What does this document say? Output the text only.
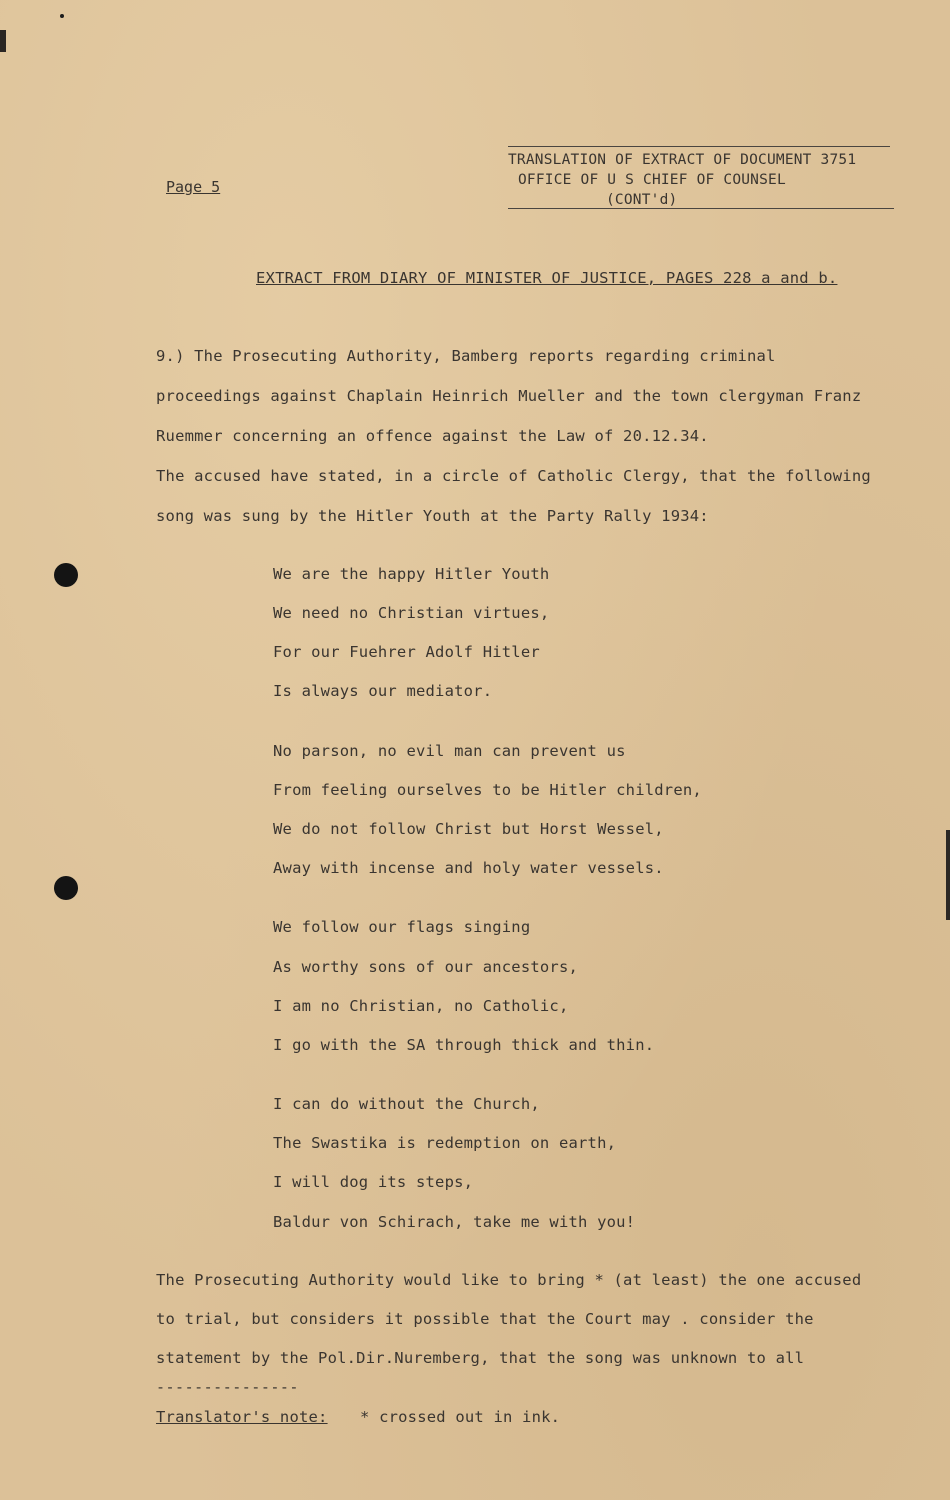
Page 5
TRANSLATION OF EXTRACT OF DOCUMENT 3751
OFFICE OF U S CHIEF OF COUNSEL
(CONT'd)
EXTRACT FROM DIARY OF MINISTER OF JUSTICE, PAGES 228 a and b.
9.) The Prosecuting Authority, Bamberg reports regarding criminal
proceedings against Chaplain Heinrich Mueller and the town clergyman Franz
Ruemmer concerning an offence against the Law of 20.12.34.
The accused have stated, in a circle of Catholic Clergy, that the following
song was sung by the Hitler Youth at the Party Rally 1934:
We are the happy Hitler Youth
We need no Christian virtues,
For our Fuehrer Adolf Hitler
Is always our mediator.
No parson, no evil man can prevent us
From feeling ourselves to be Hitler children,
We do not follow Christ but Horst Wessel,
Away with incense and holy water vessels.
We follow our flags singing
As worthy sons of our ancestors,
I am no Christian, no Catholic,
I go with the SA through thick and thin.
I can do without the Church,
The Swastika is redemption on earth,
I will dog its steps,
Baldur von Schirach, take me with you!
The Prosecuting Authority would like to bring * (at least) the one accused
to trial, but considers it possible that the Court may . consider the
statement by the Pol.Dir.Nuremberg, that the song was unknown to all
---------------
Translator's note: * crossed out in ink.
